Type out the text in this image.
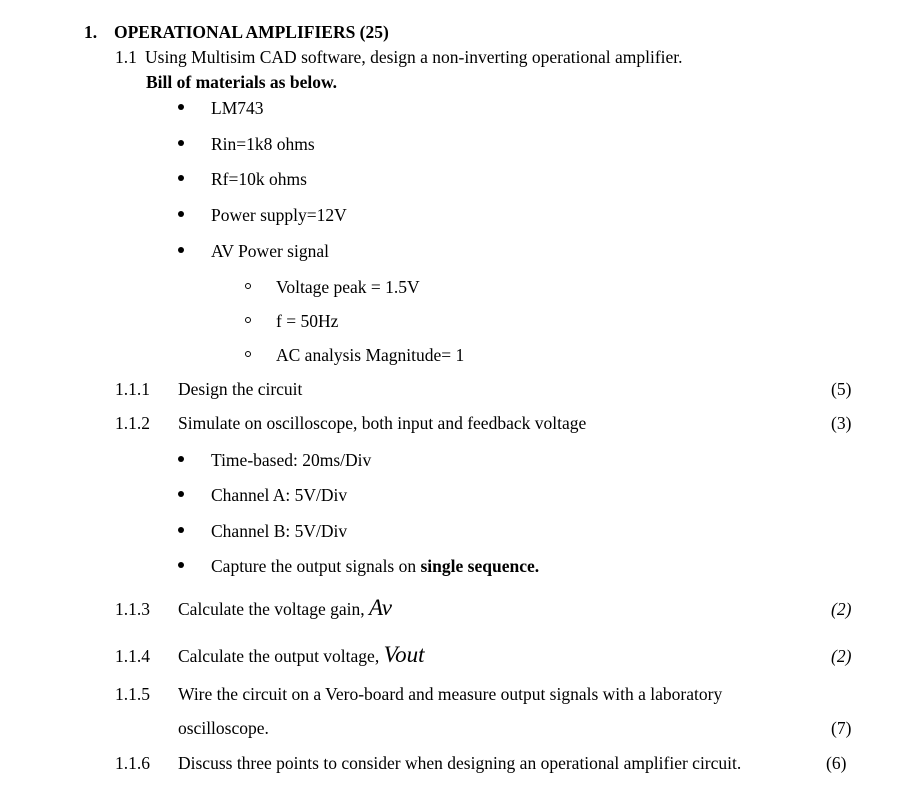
1. OPERATIONAL AMPLIFIERS (25)
1.1 Using Multisim CAD software, design a non-inverting operational amplifier.
Bill of materials as below.
LM743
Rin=1k8 ohms
Rf=10k ohms
Power supply=12V
AV Power signal
Voltage peak = 1.5V
f = 50Hz
AC analysis Magnitude= 1
1.1.1 Design the circuit	(5)
1.1.2 Simulate on oscilloscope, both input and feedback voltage	(3)
Time-based: 20ms/Div
Channel A: 5V/Div
Channel B: 5V/Div
Capture the output signals on single sequence.
1.1.3 Calculate the voltage gain, Av	(2)
1.1.4 Calculate the output voltage, Vout	(2)
1.1.5 Wire the circuit on a Vero-board and measure output signals with a laboratory
oscilloscope.	(7)
1.1.6 Discuss three points to consider when designing an operational amplifier circuit.	(6)
